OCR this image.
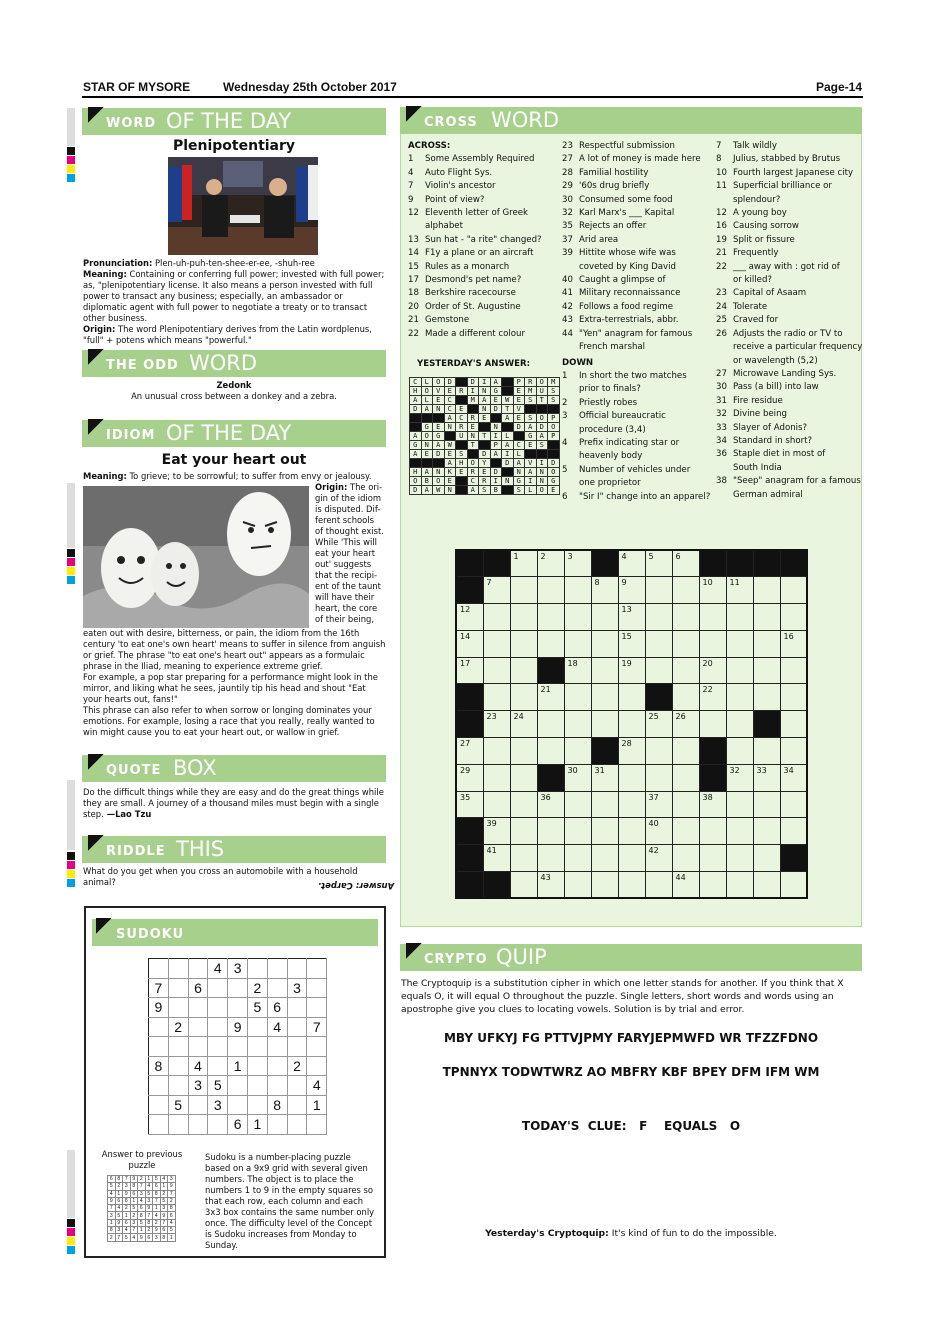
STAR OF MYSORE	Wednesday 25th October 2017	Page-14
WORD OF THE DAY
Plenipotentiary
Pronunciation: Plen-uh-puh-ten-shee-er-ee, -shuh-ree
Meaning: Containing or conferring full power; invested with full power; as, "plenipotentiary license. It also means a person invested with full power to transact any business; especially, an ambassador or diplomatic agent with full power to negotiate a treaty or to transact other business.
Origin: The word Plenipotentiary derives from the Latin wordplenus, "full" + potens which means "powerful."
THE ODD WORD
Zedonk
An unusual cross between a donkey and a zebra.
IDIOM OF THE DAY
Eat your heart out
Meaning: To grieve; to be sorrowful; to suffer from envy or jealousy.
Origin: The ori-
gin of the idiom
is disputed. Dif-
ferent schools
of thought exist.
While 'This will
eat your heart
out' suggests
that the recipi-
ent of the taunt
will have their
heart, the core
of their being,
eaten out with desire, bitterness, or pain, the idiom from the 16th century 'to eat one's own heart' means to suffer in silence from anguish or grief. The phrase "to eat one's heart out" appears as a formulaic phrase in the Iliad, meaning to experience extreme grief.
For example, a pop star preparing for a performance might look in the mirror, and liking what he sees, jauntily tip his head and shout "Eat your hearts out, fans!"
This phrase can also refer to when sorrow or longing dominates your emotions. For example, losing a race that you really, really wanted to win might cause you to eat your heart out, or wallow in grief.
QUOTE BOX
Do the difficult things while they are easy and do the great things while they are small. A journey of a thousand miles must begin with a single step. —Lao Tzu
RIDDLE THIS
What do you get when you cross an automobile with a household animal?	Answer: Carpet.
SUDOKU
			4	3				
7		6			2		3	
9					5	6		
	2			9		4		7

8		4		1			2	
		3	5					4
	5		3			8		1
				6	1			
Answer to previous puzzle
6	8	7	9	2	1	5	4	3
5	2	3	8	7	4	6	1	9
4	1	9	6	3	5	8	2	7
9	6	8	1	4	3	7	5	2
7	4	2	5	6	9	1	3	8
3	5	1	2	8	7	4	9	6
1	9	6	3	5	8	2	7	4
8	3	4	7	1	2	9	6	5
2	7	5	4	9	6	3	8	1
Sudoku is a number-placing puzzle based on a 9x9 grid with several given numbers. The object is to place the numbers 1 to 9 in the empty squares so that each row, each column and each 3x3 box contains the same number only once. The difficulty level of the Concept is Sudoku increases from Monday to Sunday.
CROSS WORD
ACROSS:
1 Some Assembly Required
4 Auto Flight Sys.
7 Violin's ancestor
9 Point of view?
12 Eleventh letter of Greek
alphabet
13 Sun hat - "a rite" changed?
14 F1y a plane or an aircraft
15 Rules as a monarch
17 Desmond's pet name?
18 Berkshire racecourse
20 Order of St. Augustine
21 Gemstone
22 Made a different colour
YESTERDAY'S ANSWER:
C	L	O	D		D	I	A		P	R	O	M
H	O	V	E	R	I	N	G		E	M	U	S
A	L	E	C		M	A	E	W	E	S	T	S
D	A	N	C	E		N	D	T	V			
			A	C	R	E		A	E	S	O	P
	G	E	N	R	E		N		D	A	D	O
A	O	G		U	N	T	I	L		G	A	P
G	N	A	W		T		P	A	C	E	S	
A	E	D	E	S		D	A	I	L			
			A	H	O	Y		D	A	V	I	D
H	A	N	K	E	R	E	D		N	A	N	O
O	B	O	E		C	R	I	N	G	I	N	G
D	A	W	N		A	S	B		S	L	O	E
23 Respectful submission
27 A lot of money is made here
28 Familial hostility
29 '60s drug briefly
30 Consumed some food
32 Karl Marx's ___ Kapital
35 Rejects an offer
37 Arid area
39 Hittite whose wife was
coveted by King David
40 Caught a glimpse of
41 Military reconnaissance
42 Follows a food regime
43 Extra-terrestrials, abbr.
44 "Yen" anagram for famous
French marshal
DOWN
1 In short the two matches
prior to finals?
2 Priestly robes
3 Official bureaucratic
procedure (3,4)
4 Prefix indicating star or
heavenly body
5 Number of vehicles under
one proprietor
6 "Sir I" change into an apparel?
7 Talk wildly
8 Julius, stabbed by Brutus
10 Fourth largest Japanese city
11 Superficial brilliance or
splendour?
12 A young boy
16 Causing sorrow
19 Split or fissure
21 Frequently
22 ___ away with : got rid of
or killed?
23 Capital of Asaam
24 Tolerate
25 Craved for
26 Adjusts the radio or TV to
receive a particular frequency
or wavelength (5,2)
27 Microwave Landing Sys.
30 Pass (a bill) into law
31 Fire residue
32 Divine being
33 Slayer of Adonis?
34 Standard in short?
36 Staple diet in most of
South India
38 "Seep" anagram for a famous
German admiral

		1	2	3		4	5	6				

	7				8	9			10	11		

12						13						

14						15						16

17				18		19			20			

			21						22			

	23	24					25	26				

27						28						

29				30	31					32	33	34

35			36				37		38			

	39						40					

	41						42					

			43					44				

CRYPTO QUIP
The Cryptoquip is a substitution cipher in which one letter stands for another. If you think that X equals O, it will equal O throughout the puzzle. Single letters, short words and words using an apostrophe give you clues to locating vowels. Solution is by trial and error.
MBY UFKYJ FG PTTVJPMY FARYJEPMWFD WR TFZZFDNO
TPNNYX TODWTWRZ AO MBFRY KBF BPEY DFM IFM WM
TODAY'S  CLUE:   F    EQUALS   O
Yesterday's Cryptoquip: It's kind of fun to do the impossible.
